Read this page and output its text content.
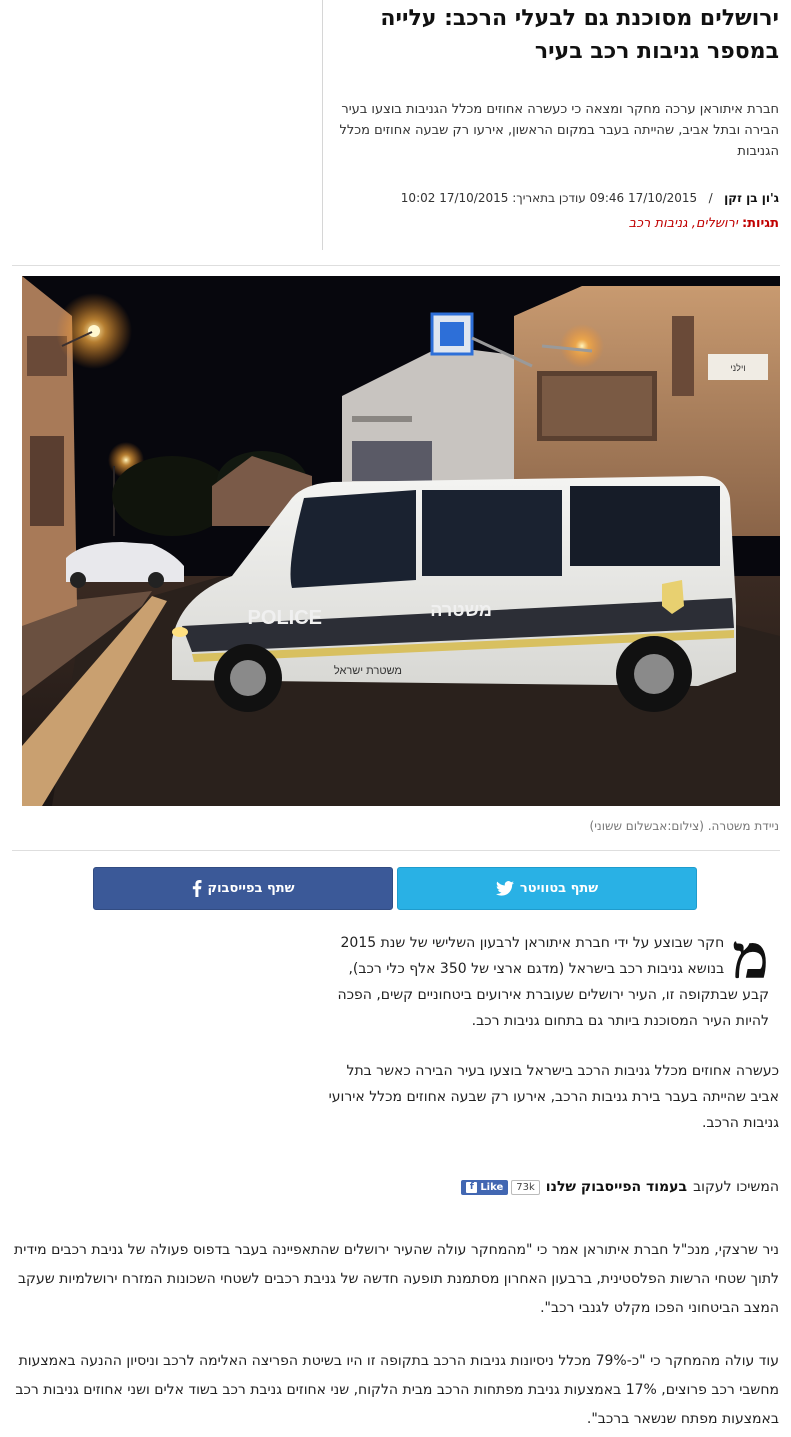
ירושלים מסוכנת גם לבעלי הרכב: עלייה במספר גניבות רכב בעיר

חברת איתוראן ערכה מחקר ומצאה כי כעשרה אחוזים מכלל הגניבות בוצעו בעיר הבירה ובתל אביב, שהייתה בעבר במקום הראשון, אירעו רק שבעה אחוזים מכלל הגניבות

ג'ון בן זקן   /   17/10/2015 09:46 עודכן בתאריך: 17/10/2015 10:02
תגיות: ירושלים, גניבות רכב
וילני
POLICE	משטרה
משטרת ישראל
ניידת משטרה. (צילום:אבשלום ששוני)
שתף בטוויטר
שתף בפייסבוק
מ
חקר שבוצע על ידי חברת איתוראן לרבעון השלישי של שנת 2015 בנושא גניבות רכב בישראל (מדגם ארצי של 350 אלף כלי רכב), קבע שבתקופה זו, העיר ירושלים שעוברת אירועים ביטחוניים קשים, הפכה להיות העיר המסוכנת ביותר גם בתחום גניבות רכב.
כעשרה אחוזים מכלל גניבות הרכב בישראל בוצעו בעיר הבירה כאשר בתל אביב שהייתה בעבר בירת גניבות הרכב, אירעו רק שבעה אחוזים מכלל אירועי גניבות הרכב.
המשיכו לעקוב
בעמוד הפייסבוק שלנו
f Like	73k
ניר שרצקי, מנכ"ל חברת איתוראן אמר כי "מהמחקר עולה שהעיר ירושלים שהתאפיינה בעבר בדפוס פעולה של גניבת רכבים מידית לתוך שטחי הרשות הפלסטינית, ברבעון האחרון מסתמנת תופעה חדשה של גניבת רכבים לשטחי השכונות המזרח ירושלמיות שעקב המצב הביטחוני הפכו מקלט לגנבי רכב".
עוד עולה מהמחקר כי "כ-79% מכלל ניסיונות גניבות הרכב בתקופה זו היו בשיטת הפריצה האלימה לרכב וניסיון ההנעה באמצעות מחשבי רכב פרוצים, 17% באמצעות גניבת מפתחות הרכב מבית הלקוח, שני אחוזים גניבת רכב בשוד אלים ושני אחוזים גניבות רכב באמצעות מפתח שנשאר ברכב".
